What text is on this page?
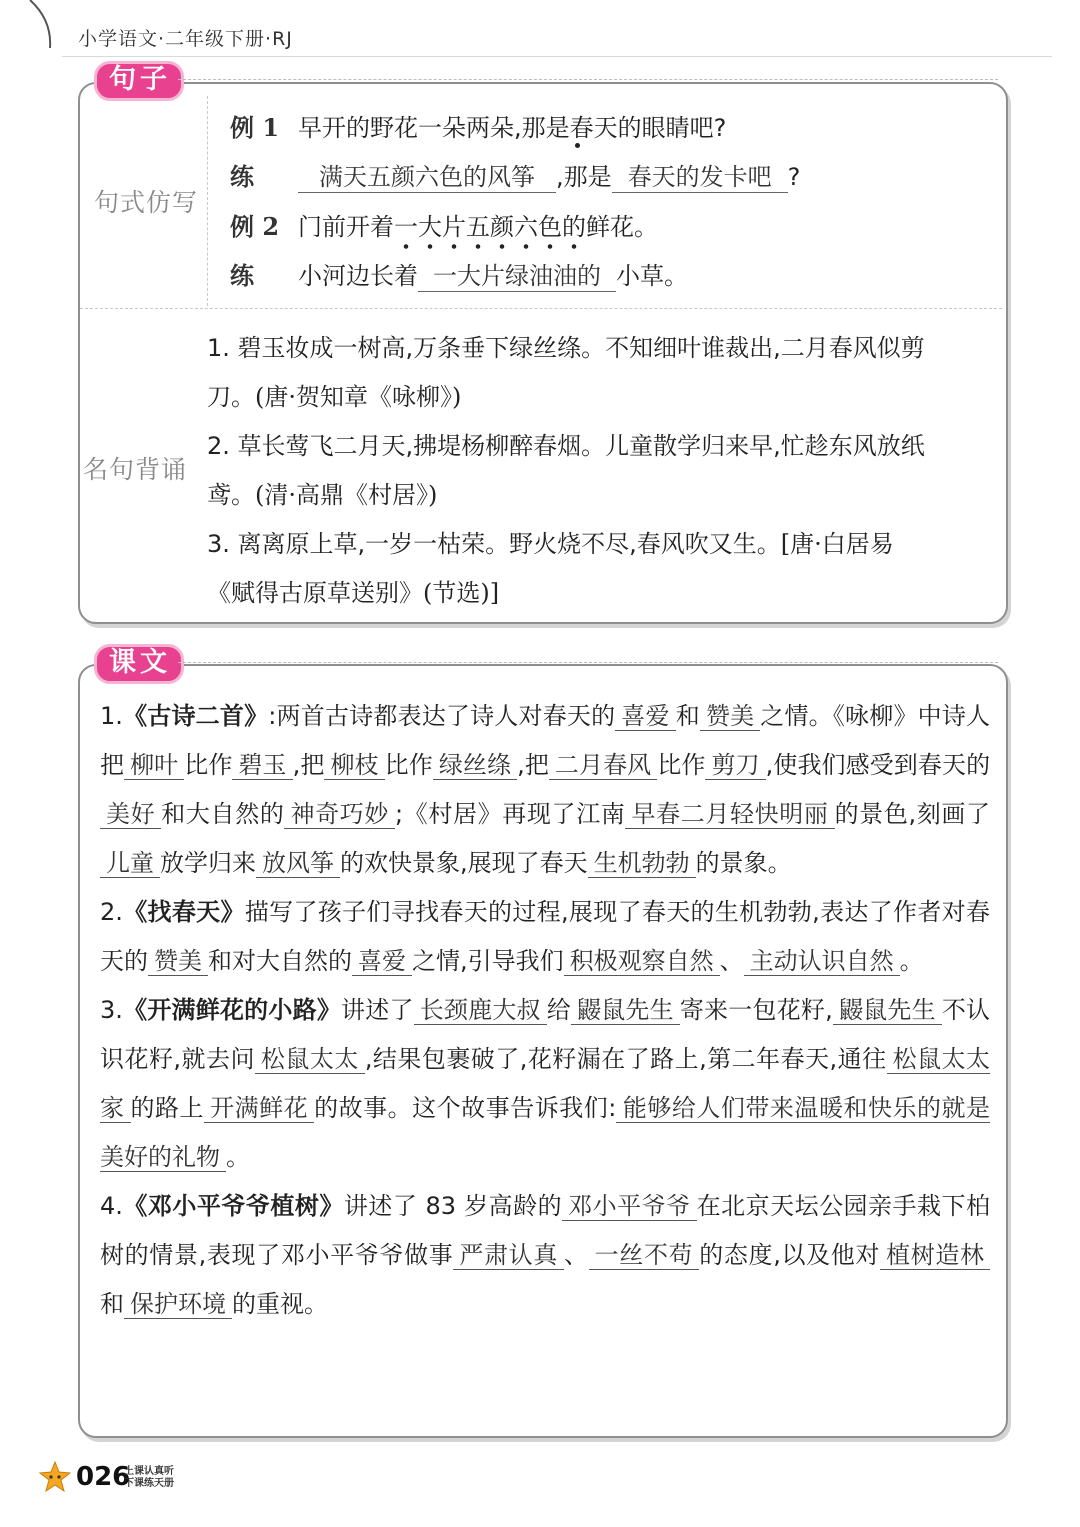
小学语文·二年级下册·RJ
句子
句式仿写
例 1 早开的野花一朵两朵,那是春天的眼睛吧?
练	满天五颜六色的风筝 ,那是 春天的发卡吧 ?
例 2 门前开着一大片五颜六色的鲜花。
练 小河边长着 一大片绿油油的 小草。
名句背诵

1. 碧玉妆成一树高,万条垂下绿丝绦。不知细叶谁裁出,二月春风似剪

刀。(唐·贺知章《咏柳》)

2. 草长莺飞二月天,拂堤杨柳醉春烟。儿童散学归来早,忙趁东风放纸

鸢。(清·高鼎《村居》)

3. 离离原上草,一岁一枯荣。野火烧不尽,春风吹又生。[唐·白居易

《赋得古原草送别》(节选)]

课文

1.《古诗二首》:两首古诗都表达了诗人对春天的 喜爱 和 赞美 之情。《咏柳》中诗人把 柳叶 比作 碧玉 ,把 柳枝 比作 绿丝绦 ,把 二月春风 比作 剪刀 ,使我们感受到春天的美好 和大自然的 神奇巧妙 ;《村居》再现了江南 早春二月轻快明丽 的景色,刻画了儿童 放学归来 放风筝 的欢快景象,展现了春天 生机勃勃 的景象。

2.《找春天》描写了孩子们寻找春天的过程,展现了春天的生机勃勃,表达了作者对春天的 赞美 和对大自然的 喜爱 之情,引导我们 积极观察自然 、 主动认识自然 。

3.《开满鲜花的小路》讲述了 长颈鹿大叔 给 鼹鼠先生 寄来一包花籽, 鼹鼠先生 不认识花籽,就去问 松鼠太太 ,结果包裹破了,花籽漏在了路上,第二年春天,通往 松鼠太太家 的路上 开满鲜花 的故事。这个故事告诉我们: 能够给人们带来温暖和快乐的就是美好的礼物 。

4.《邓小平爷爷植树》讲述了 83 岁高龄的 邓小平爷爷 在北京天坛公园亲手栽下柏树的情景,表现了邓小平爷爷做事 严肃认真 、 一丝不苟 的态度,以及他对 植树造林和 保护环境 的重视。

026
上课认真听
下课练天册
